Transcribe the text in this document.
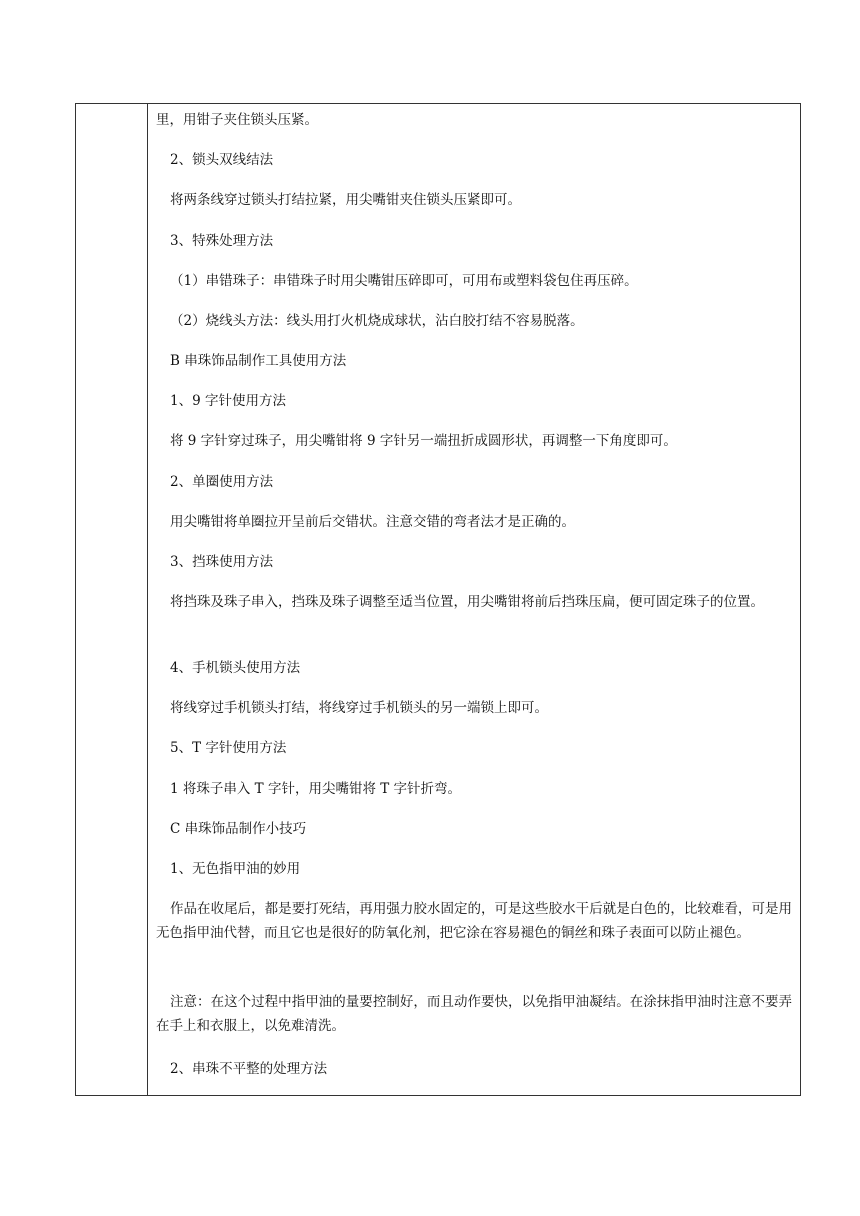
里，用钳子夹住锁头压紧。
2、锁头双线结法
将两条线穿过锁头打结拉紧，用尖嘴钳夹住锁头压紧即可。
3、特殊处理方法
（1）串错珠子：串错珠子时用尖嘴钳压碎即可，可用布或塑料袋包住再压碎。
（2）烧线头方法：线头用打火机烧成球状，沾白胶打结不容易脱落。
B 串珠饰品制作工具使用方法
1、9 字针使用方法
将 9 字针穿过珠子，用尖嘴钳将 9 字针另一端扭折成圆形状，再调整一下角度即可。
2、单圈使用方法
用尖嘴钳将单圈拉开呈前后交错状。注意交错的弯者法才是正确的。
3、挡珠使用方法
将挡珠及珠子串入，挡珠及珠子调整至适当位置，用尖嘴钳将前后挡珠压扁，便可固定珠子的位置。
4、手机锁头使用方法
将线穿过手机锁头打结，将线穿过手机锁头的另一端锁上即可。
5、T 字针使用方法
1 将珠子串入 T 字针，用尖嘴钳将 T 字针折弯。
C 串珠饰品制作小技巧
1、无色指甲油的妙用
作品在收尾后，都是要打死结，再用强力胶水固定的，可是这些胶水干后就是白色的，比较难看，可是用无色指甲油代替，而且它也是很好的防氧化剂，把它涂在容易褪色的铜丝和珠子表面可以防止褪色。
注意：在这个过程中指甲油的量要控制好，而且动作要快，以免指甲油凝结。在涂抹指甲油时注意不要弄在手上和衣服上，以免难清洗。
2、串珠不平整的处理方法
